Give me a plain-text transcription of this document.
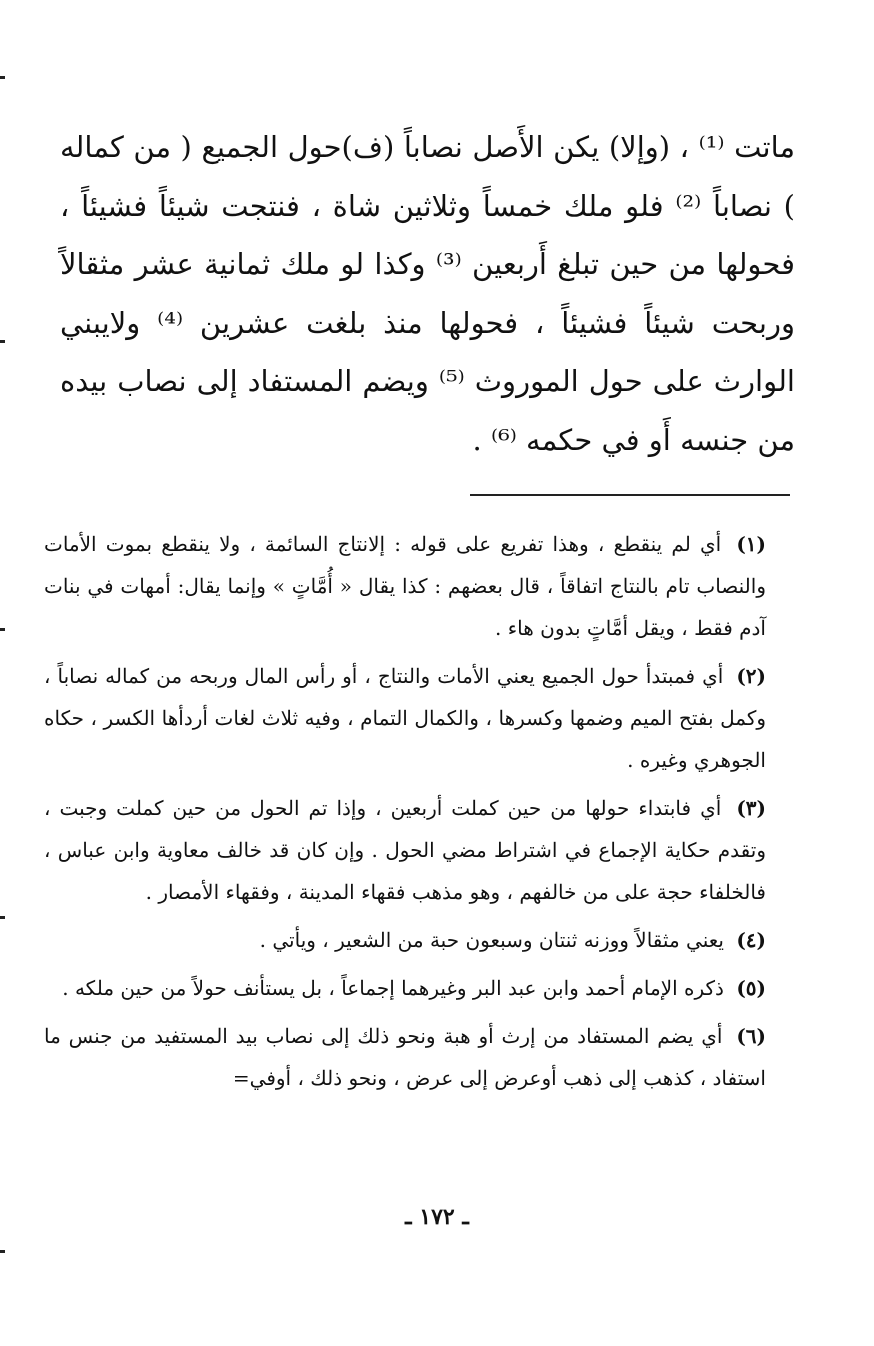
ماتت ⁽¹⁾ ، (وإلا) يكن الأَصل نصاباً (ف)حول الجميع ( من كماله ) نصاباً ⁽²⁾ فلو ملك خمساً وثلاثين شاة ، فنتجت شيئاً فشيئاً ، فحولها من حين تبلغ أَربعين ⁽³⁾ وكذا لو ملك ثمانية عشر مثقالاً وربحت شيئاً فشيئاً ، فحولها منذ بلغت عشرين ⁽⁴⁾ ولايبني الوارث على حول الموروث ⁽⁵⁾ ويضم المستفاد إلى نصاب بيده من جنسه أَو في حكمه ⁽⁶⁾ .

(١) أي لم ينقطع ، وهذا تفريع على قوله : إلانتاج السائمة ، ولا ينقطع بموت الأمات والنصاب تام بالنتاج اتفاقاً ، قال بعضهم : كذا يقال « أُمَّاتٍ » وإنما يقال: أمهات في بنات آدم فقط ، ويقل أمَّاتٍ بدون هاء .

(٢) أي فمبتدأ حول الجميع يعني الأمات والنتاج ، أو رأس المال وربحه من كماله نصاباً ، وكمل بفتح الميم وضمها وكسرها ، والكمال التمام ، وفيه ثلاث لغات أردأها الكسر ، حكاه الجوهري وغيره .

(٣) أي فابتداء حولها من حين كملت أربعين ، وإذا تم الحول من حين كملت وجبت ، وتقدم حكاية الإجماع في اشتراط مضي الحول . وإن كان قد خالف معاوية وابن عباس ، فالخلفاء حجة على من خالفهم ، وهو مذهب فقهاء المدينة ، وفقهاء الأمصار .

(٤) يعني مثقالاً ووزنه ثنتان وسبعون حبة من الشعير ، ويأتي .

(٥) ذكره الإمام أحمد وابن عبد البر وغيرهما إجماعاً ، بل يستأنف حولاً من حين ملكه .

(٦) أي يضم المستفاد من إرث أو هبة ونحو ذلك إلى نصاب بيد المستفيد من جنس ما استفاد ، كذهب إلى ذهب أوعرض إلى عرض ، ونحو ذلك ، أوفي=

ـ ١٧٢ ـ
